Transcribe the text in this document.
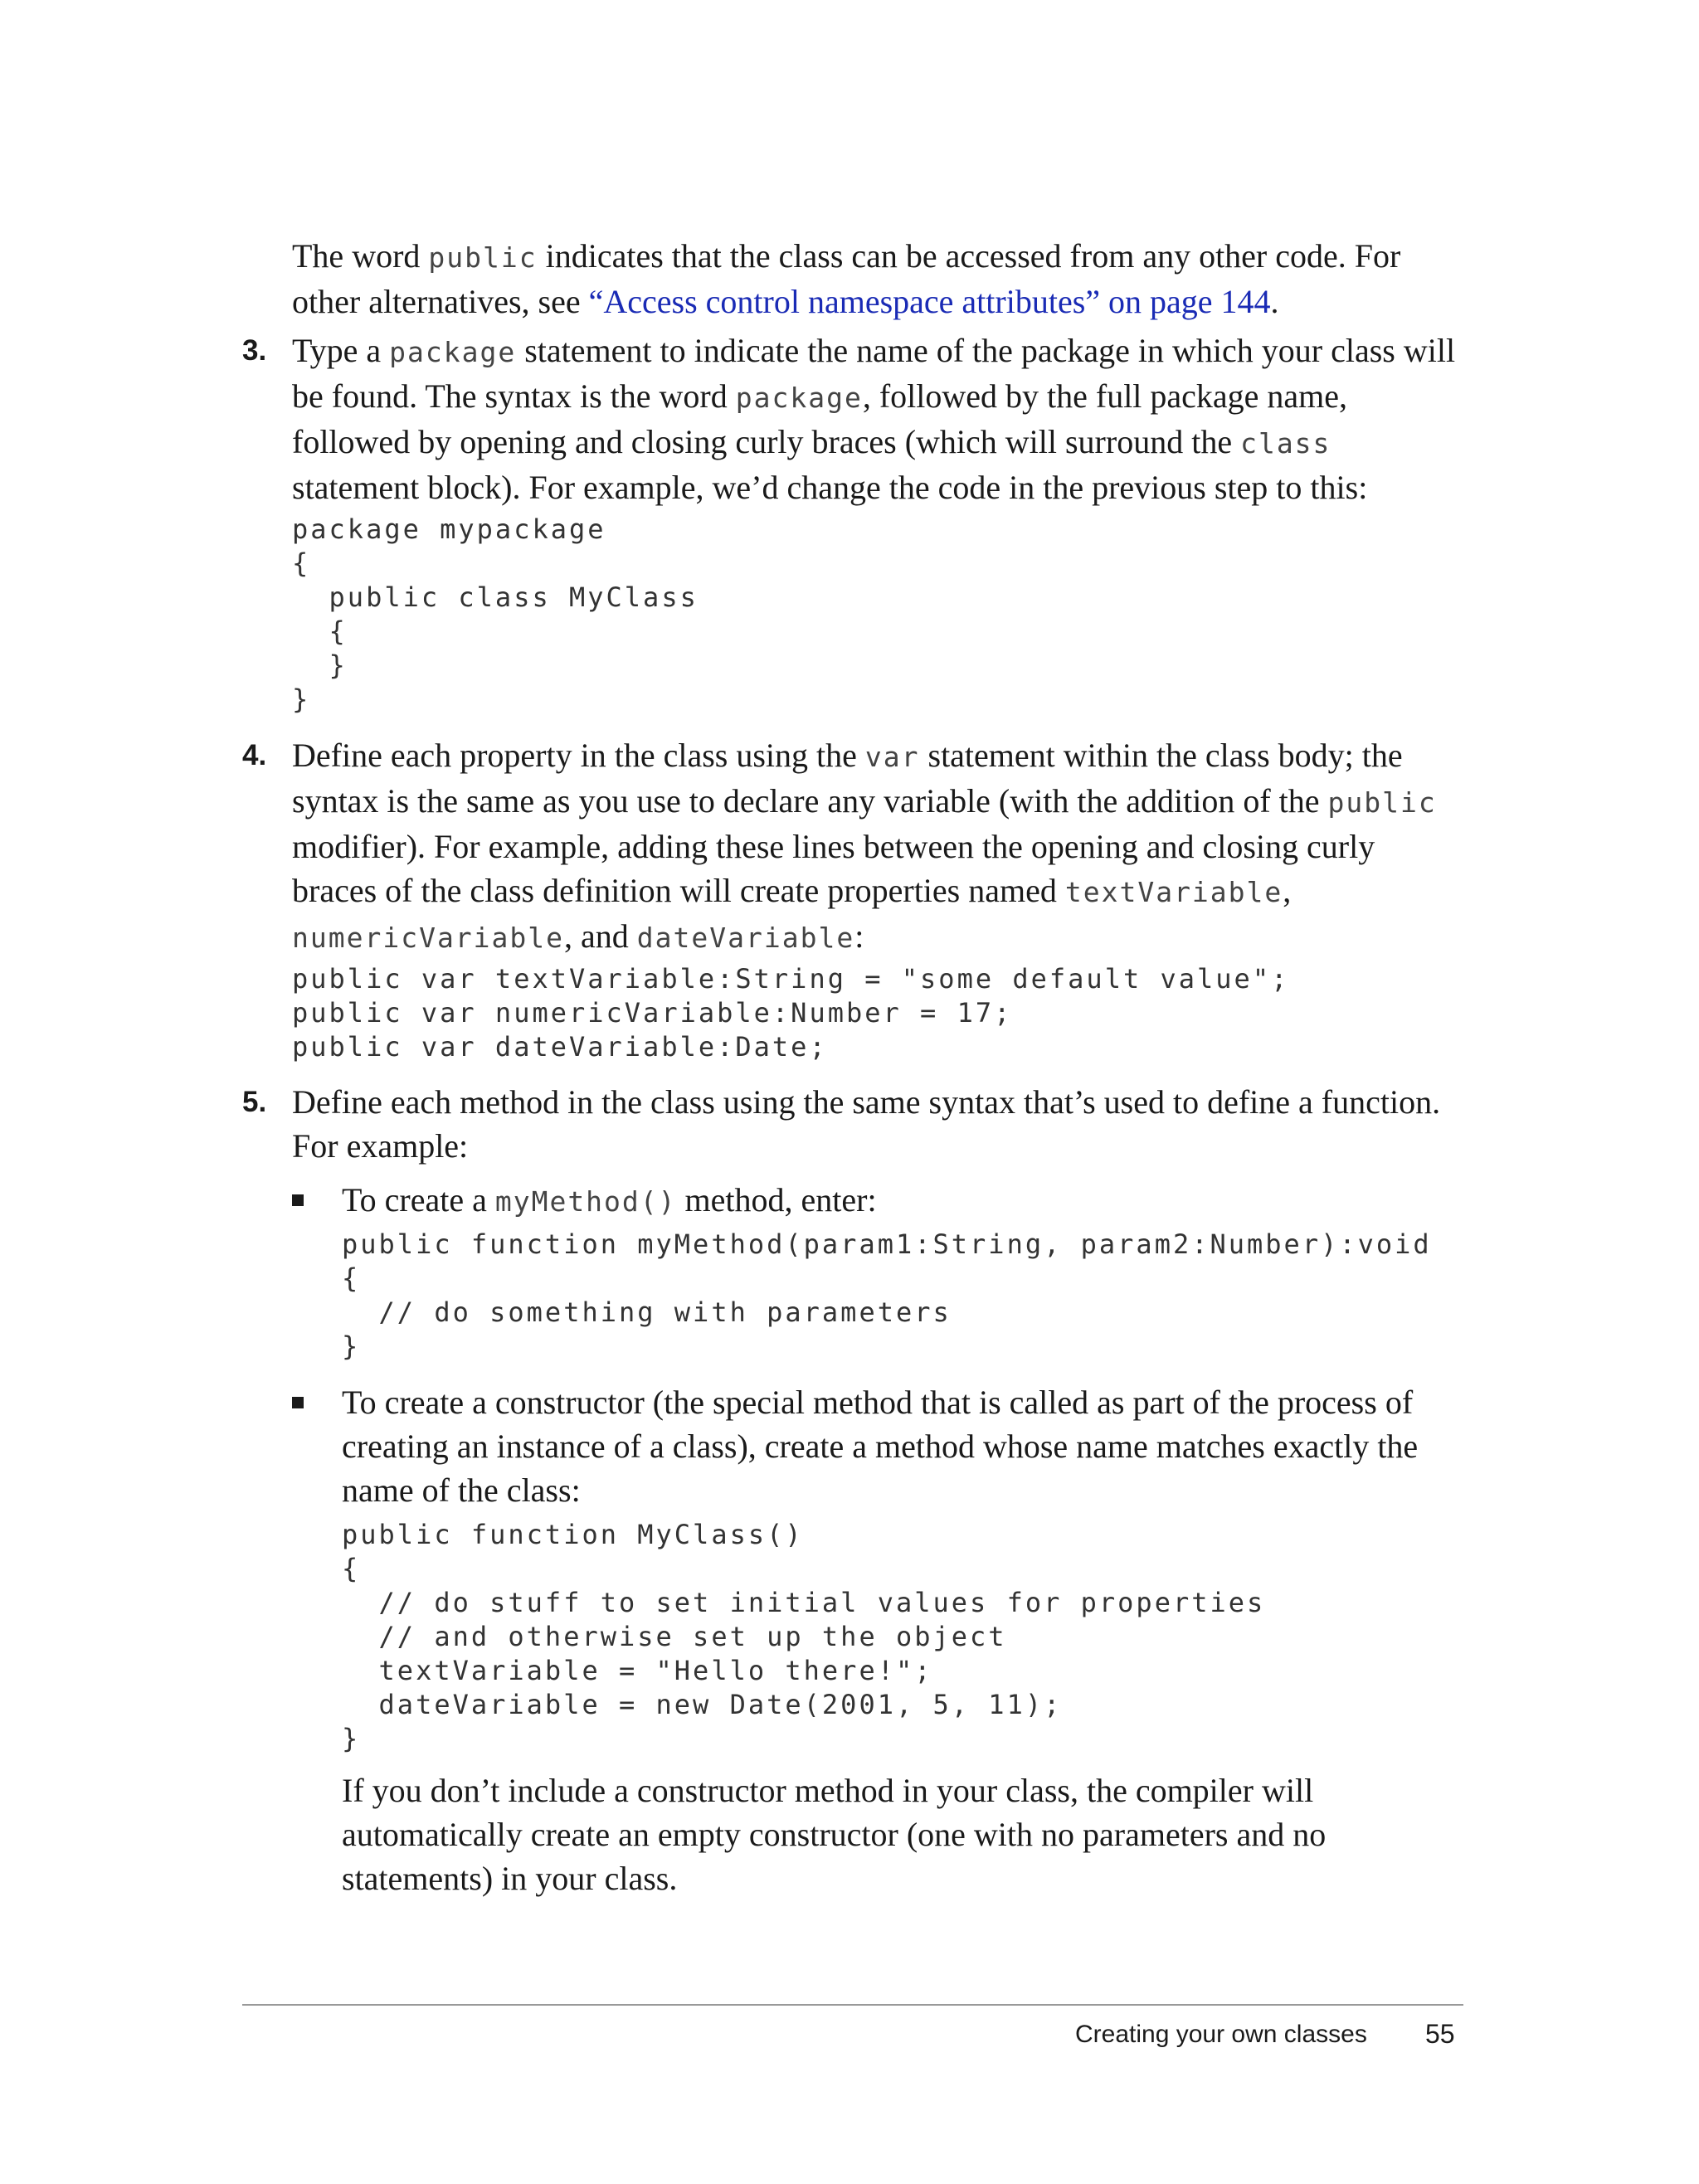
The word public indicates that the class can be accessed from any other code. For other alternatives, see “Access control namespace attributes” on page 144.

3. Type a package statement to indicate the name of the package in which your class will be found. The syntax is the word package, followed by the full package name, followed by opening and closing curly braces (which will surround the class statement block). For example, we’d change the code in the previous step to this:

package mypackage
{
public class MyClass
{
}
}
4. Define each property in the class using the var statement within the class body; the syntax is the same as you use to declare any variable (with the addition of the public modifier). For example, adding these lines between the opening and closing curly braces of the class definition will create properties named textVariable, numericVariable, and dateVariable:

public var textVariable:String = "some default value";
public var numericVariable:Number = 17;
public var dateVariable:Date;
5. Define each method in the class using the same syntax that’s used to define a function. For example:

To create a myMethod() method, enter:

public function myMethod(param1:String, param2:Number):void
{
// do something with parameters
}

To create a constructor (the special method that is called as part of the process of creating an instance of a class), create a method whose name matches exactly the name of the class:

public function MyClass()
{
// do stuff to set initial values for properties
// and otherwise set up the object
textVariable = "Hello there!";
dateVariable = new Date(2001, 5, 11);
}

If you don’t include a constructor method in your class, the compiler will automatically create an empty constructor (one with no parameters and no statements) in your class.

Creating your own classes 55
